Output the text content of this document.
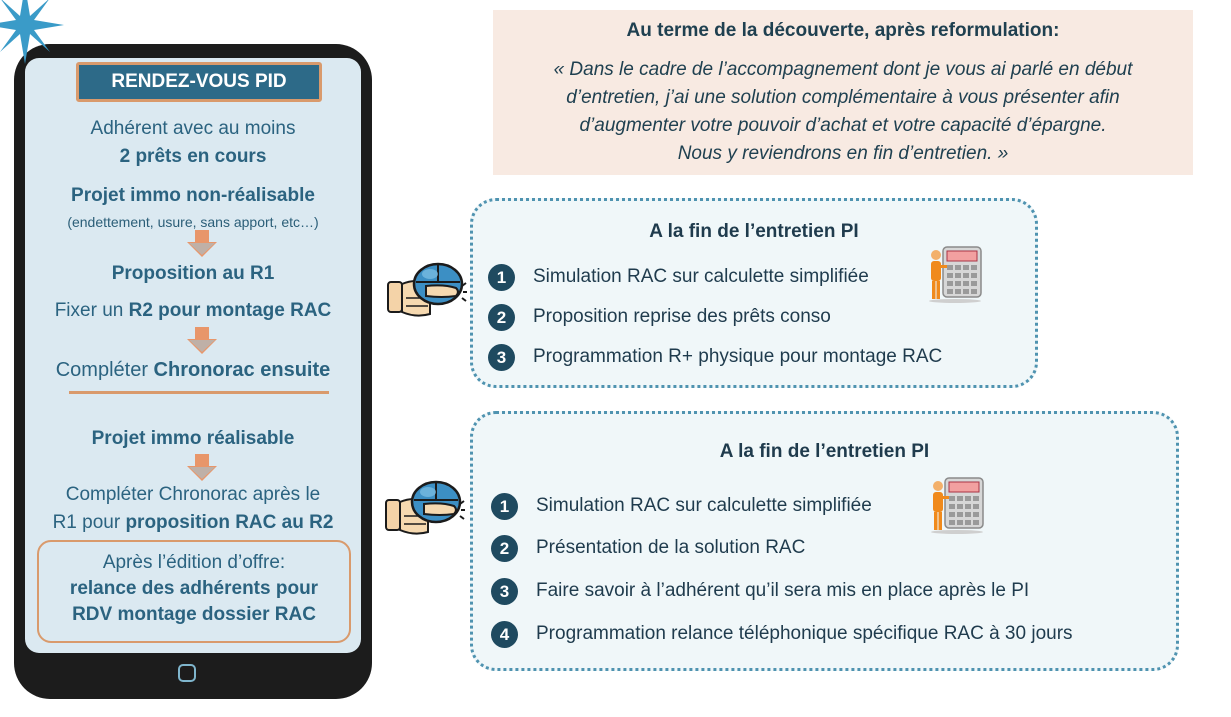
RENDEZ-VOUS PID
Adhérent avec au moins
2 prêts en cours
Projet immo non-réalisable
(endettement, usure, sans apport, etc…)
Proposition au R1
Fixer un R2 pour montage RAC
Compléter Chronorac ensuite
Projet immo réalisable
Compléter Chronorac après le
R1 pour proposition RAC au R2
Après l’édition d’offre:
relance des adhérents pour
RDV montage dossier RAC
Au terme de la découverte, après reformulation:
« Dans le cadre de l’accompagnement dont je vous ai parlé en début
d’entretien, j’ai une solution complémentaire à vous présenter afin
d’augmenter votre pouvoir d’achat et votre capacité d’épargne.
Nous y reviendrons en fin d’entretien. »
A la fin de l’entretien PI
1	Simulation RAC sur calculette simplifiée
2	Proposition reprise des prêts conso
3	Programmation R+ physique pour montage RAC
A la fin de l’entretien PI
1	Simulation RAC sur calculette simplifiée
2	Présentation de la solution RAC
3	Faire savoir à l’adhérent qu’il sera mis en place après le PI
4	Programmation relance téléphonique spécifique RAC à 30 jours
